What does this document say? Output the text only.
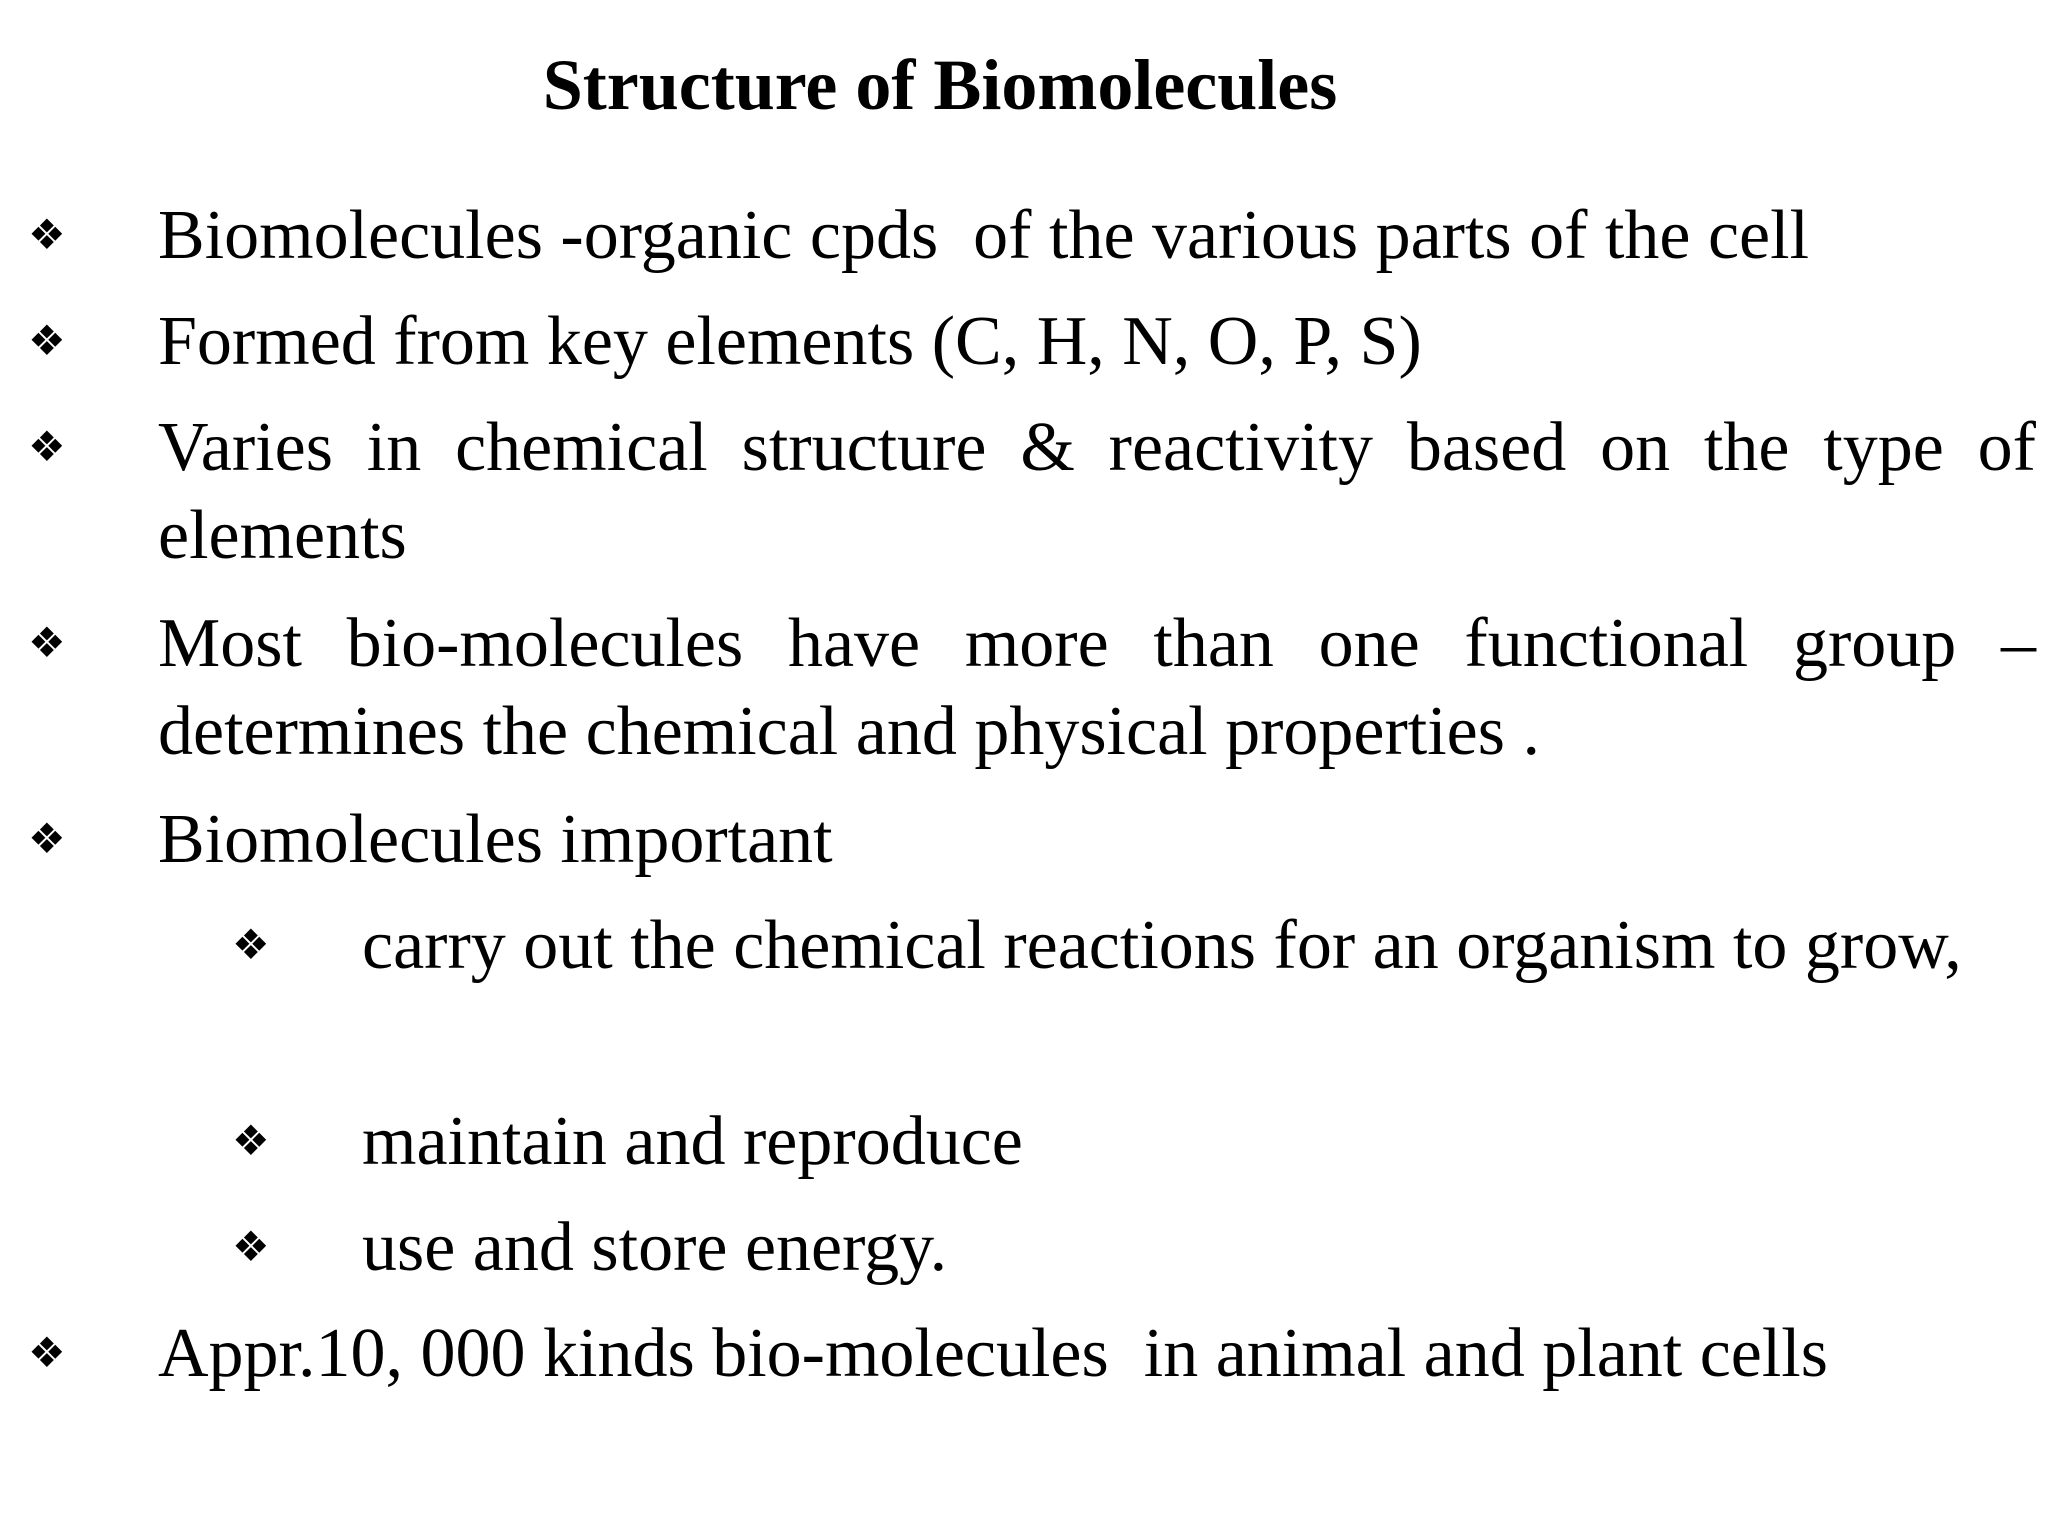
Structure of Biomolecules
❖ Biomolecules -organic cpds  of the various parts of the cell
❖ Formed from key elements (C, H, N, O, P, S)
❖ Varies in chemical structure & reactivity based on the type of elements
❖ Most bio-molecules have more than one functional group – determines the chemical and physical properties .
❖ Biomolecules important
❖ carry out the chemical reactions for an organism to grow,
❖ maintain and reproduce
❖ use and store energy.
❖ Appr.10, 000 kinds bio-molecules  in animal and plant cells
